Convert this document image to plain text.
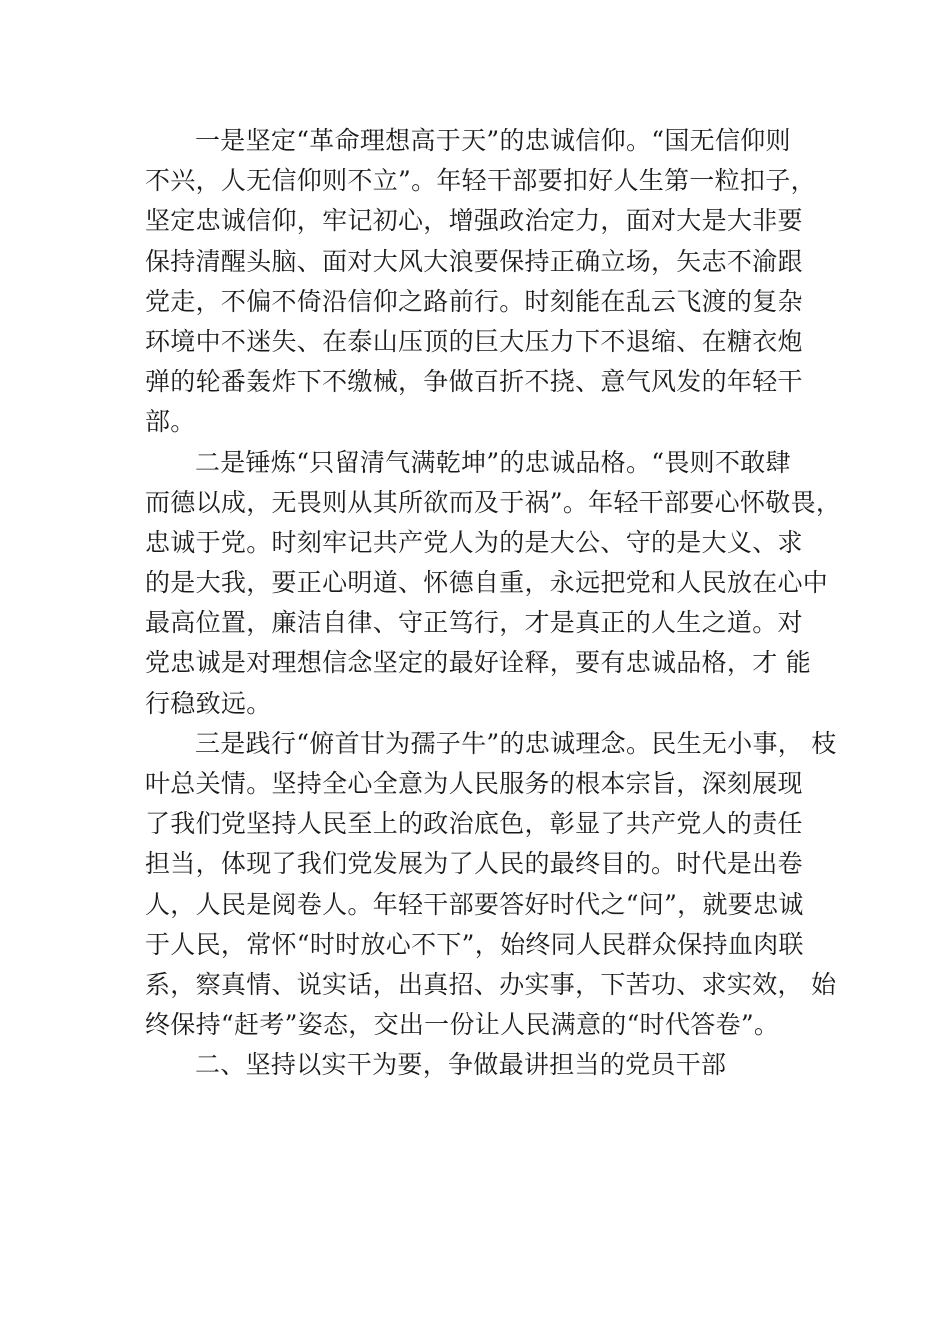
一是坚定“革命理想高于天”的忠诚信仰。“国无信仰则
不兴，人无信仰则不立”。年轻干部要扣好人生第一粒扣子，
坚定忠诚信仰，牢记初心，增强政治定力，面对大是大非要
保持清醒头脑、面对大风大浪要保持正确立场，矢志不渝跟
党走，不偏不倚沿信仰之路前行。时刻能在乱云飞渡的复杂
环境中不迷失、在泰山压顶的巨大压力下不退缩、在糖衣炮
弹的轮番轰炸下不缴械，争做百折不挠、意气风发的年轻干
部。
二是锤炼“只留清气满乾坤”的忠诚品格。“畏则不敢肆
而德以成，无畏则从其所欲而及于祸”。年轻干部要心怀敬畏，
忠诚于党。时刻牢记共产党人为的是大公、守的是大义、求
的是大我，要正心明道、怀德自重，永远把党和人民放在心中
最高位置，廉洁自律、守正笃行，才是真正的人生之道。对
党忠诚是对理想信念坚定的最好诠释，要有忠诚品格，才 能
行稳致远。
三是践行“俯首甘为孺子牛”的忠诚理念。民生无小事， 枝
叶总关情。坚持全心全意为人民服务的根本宗旨，深刻展现
了我们党坚持人民至上的政治底色，彰显了共产党人的责任
担当，体现了我们党发展为了人民的最终目的。时代是出卷
人，人民是阅卷人。年轻干部要答好时代之“问”，就要忠诚
于人民，常怀“时时放心不下”，始终同人民群众保持血肉联
系，察真情、说实话，出真招、办实事，下苦功、求实效， 始
终保持“赶考”姿态，交出一份让人民满意的“时代答卷”。
二、坚持以实干为要，争做最讲担当的党员干部
